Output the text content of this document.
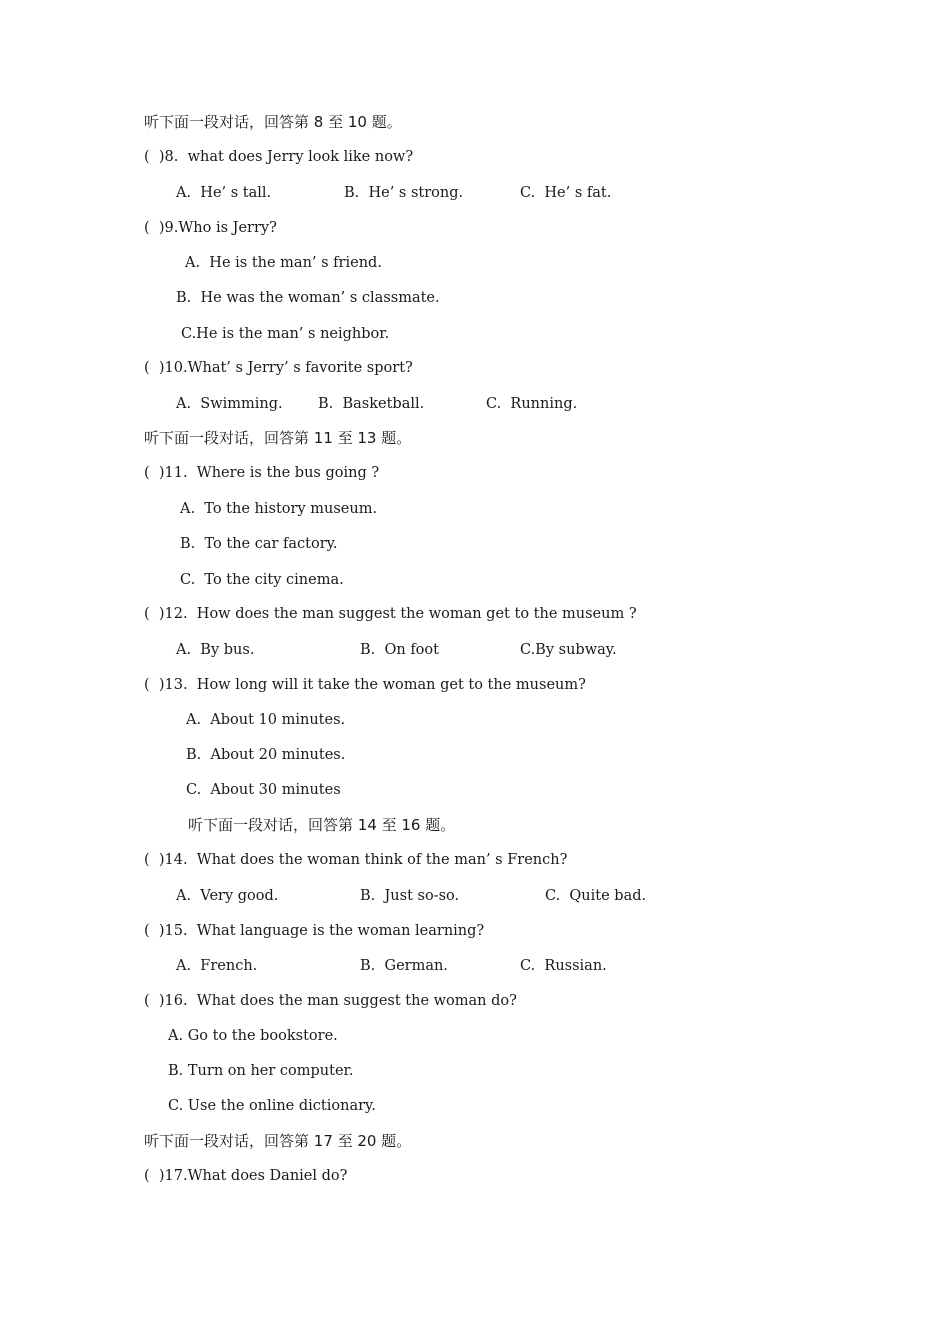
听下面一段对话，回答第 8 至 10 题。
(  )8.  what does Jerry look like now?
A.  He’ s tall.	B.  He’ s strong.	C.  He’ s fat.
(  )9.Who is Jerry?
A.  He is the man’ s friend.
B.  He was the woman’ s classmate.
C.He is the man’ s neighbor.
(  )10.What’ s Jerry’ s favorite sport?
A.  Swimming. B.  Basketball.	C.  Running.
听下面一段对话，回答第 11 至 13 题。
(  )11.  Where is the bus going ?
A.  To the history museum.
B.  To the car factory.
C.  To the city cinema.
(  )12.  How does the man suggest the woman get to the museum ?
A.  By bus.	B.  On foot	C.By subway.
(  )13.  How long will it take the woman get to the museum?
A.  About 10 minutes.
B.  About 20 minutes.
C.  About 30 minutes
听下面一段对话，回答第 14 至 16 题。
(  )14.  What does the woman think of the man’ s French?
A.  Very good.	B.  Just so-so.	C.  Quite bad.
(  )15.  What language is the woman learning?
A.  French.	B.  German.	C.  Russian.
(  )16.  What does the man suggest the woman do?
A. Go to the bookstore.
B. Turn on her computer.
C. Use the online dictionary.
听下面一段对话，回答第 17 至 20 题。
(  )17.What does Daniel do?
